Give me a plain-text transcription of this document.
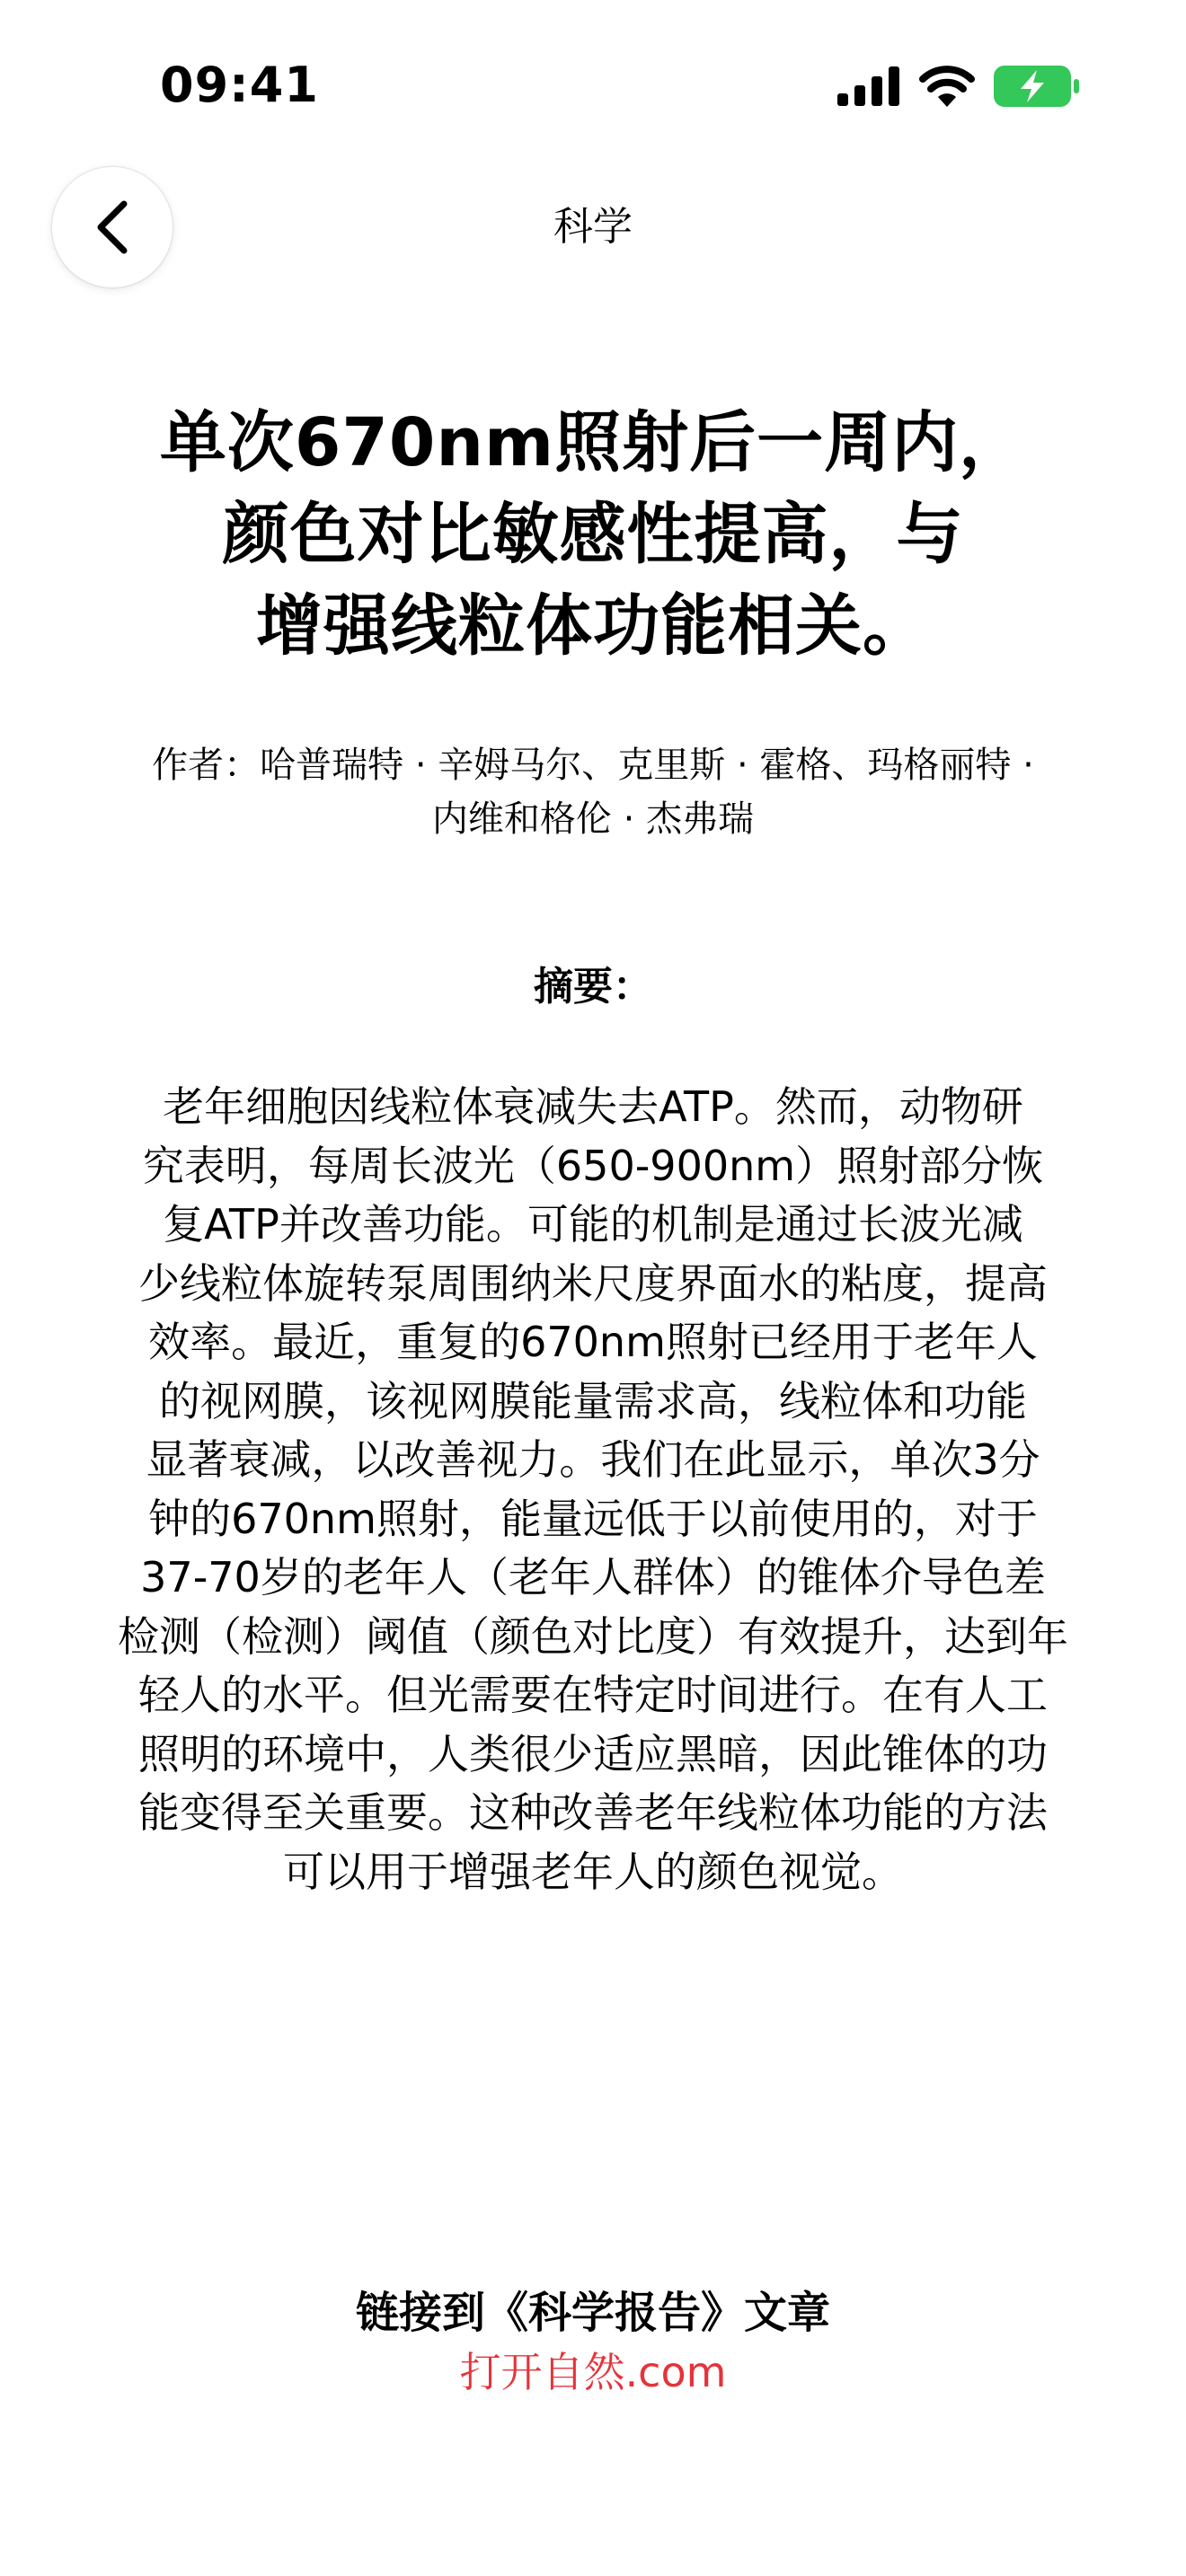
09:41
科学
单次670nm照射后一周内，
颜色对比敏感性提高，与
增强线粒体功能相关。

作者：哈普瑞特 · 辛姆马尔、克里斯 · 霍格、玛格丽特 ·
内维和格伦 · 杰弗瑞

摘要：

老年细胞因线粒体衰减失去ATP。然而，动物研
究表明，每周长波光（650-900nm）照射部分恢
复ATP并改善功能。可能的机制是通过长波光减
少线粒体旋转泵周围纳米尺度界面水的粘度，提高
效率。最近，重复的670nm照射已经用于老年人
的视网膜，该视网膜能量需求高，线粒体和功能
显著衰减，以改善视力。我们在此显示，单次3分
钟的670nm照射，能量远低于以前使用的，对于
37-70岁的老年人（老年人群体）的锥体介导色差
检测（检测）阈值（颜色对比度）有效提升，达到年
轻人的水平。但光需要在特定时间进行。在有人工
照明的环境中，人类很少适应黑暗，因此锥体的功
能变得至关重要。这种改善老年线粒体功能的方法
可以用于增强老年人的颜色视觉。

链接到《科学报告》文章

打开自然.com
